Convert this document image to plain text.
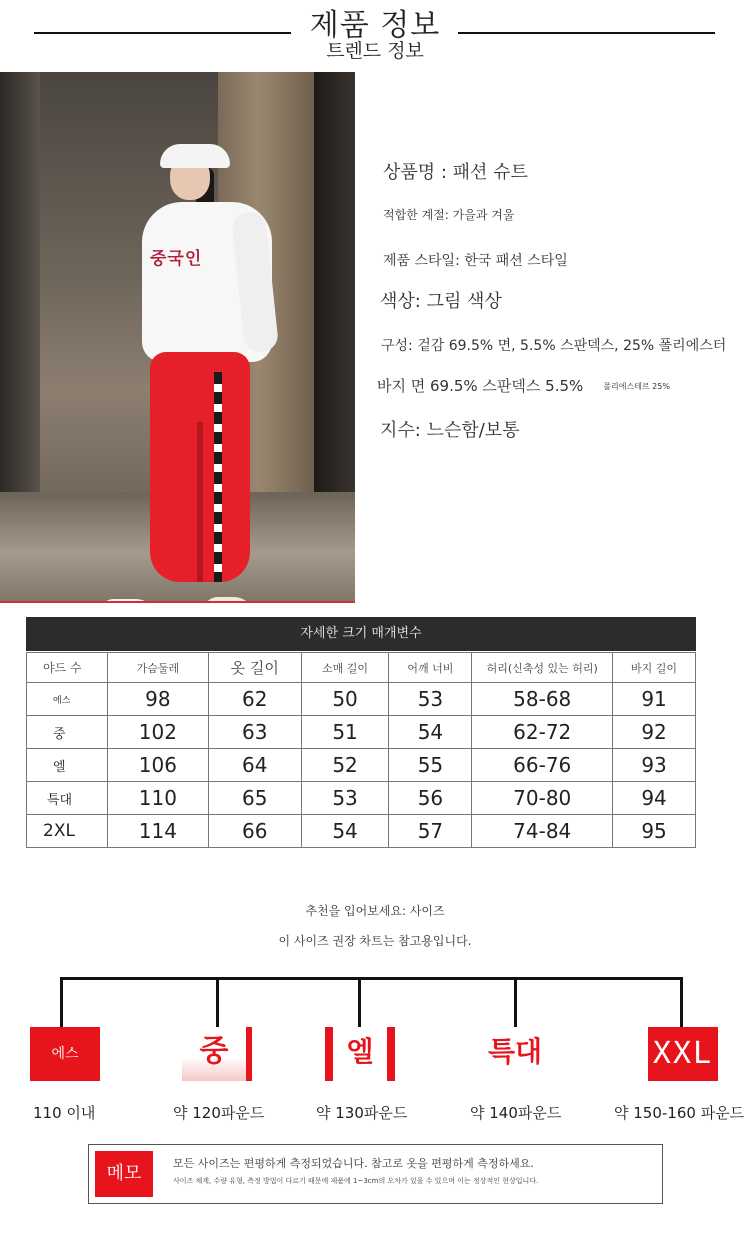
제품 정보
트렌드 정보
중국인
상품명 : 패션 슈트
적합한 계절: 가을과 겨울
제품 스타일: 한국 패션 스타일
색상: 그림 색상
구성: 겉감 69.5% 면, 5.5% 스판덱스, 25% 폴리에스터
바지 면 69.5% 스판덱스 5.5%	폴리에스테르 25%
지수: 느슨함/보통
자세한 크기 매개변수
야드 수	가슴둘레	옷 길이	소매 길이	어깨 너비	허리(신축성 있는 허리)	바지 길이
에스	98	62	50	53	58-68	91
중	102	63	51	54	62-72	92
엘	106	64	52	55	66-76	93
특대	110	65	53	56	70-80	94
2XL	114	66	54	57	74-84	95
추천을 입어보세요: 사이즈
이 사이즈 권장 차트는 참고용입니다.
에스	중	엘	특대	XXL
110 이내	약 120파운드	약 130파운드	약 140파운드	약 150-160 파운드
메모	모든 사이즈는 편평하게 측정되었습니다. 참고로 옷을 편평하게 측정하세요.
사이즈 체계, 수량 유형, 측정 방법이 다르기 때문에 제품에 1~3cm의 오차가 있을 수 있으며 이는 정상적인 현상입니다.
